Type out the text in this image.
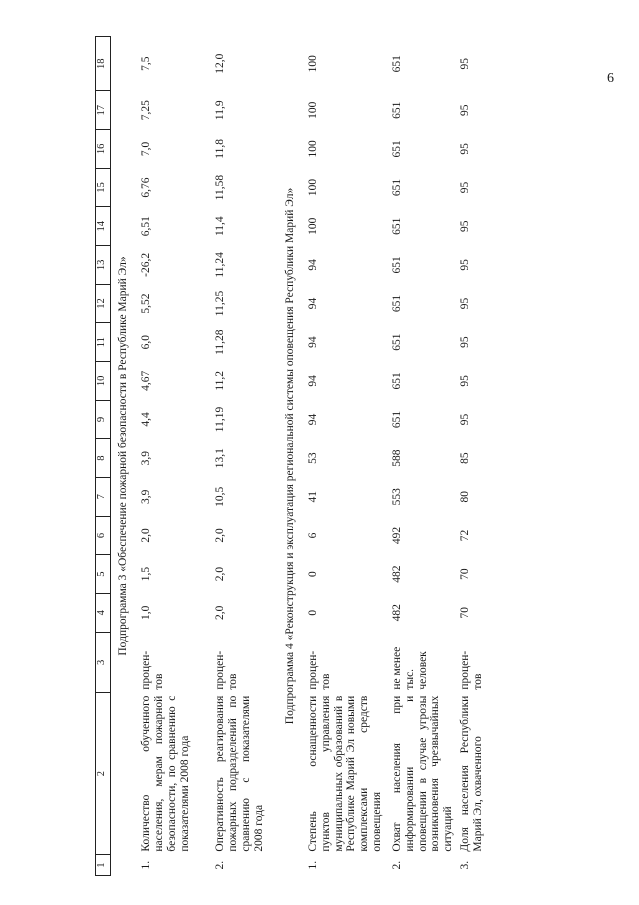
6
1	2	3	4	5	6	7	8	9	10	11	12	13	14	15	16	17	18
Подпрограмма 3 «Обеспечение пожарной безопасности в Республике Марий Эл»																	
1.	Количество обученного населения, мерам пожарной безопасности, по сравнению с показателями 2008 года	процен-тов	1,0	1,5	2,0	3,9	3,9	4,4	4,67	6,0	5,52	-26,2	6,51	6,76	7,0	7,25	7,5
2.	Оперативность реагирования пожарных подразделений по сравнению с показателями 2008 года	процен-тов	2,0	2,0	2,0	10,5	13,1	11,19	11,2	11,28	11,25	11,24	11,4	11,58	11,8	11,9	12,0
Подпрограмма 4 «Реконструкция и эксплуатация региональной системы оповещения Республики Марий Эл»																	
1.	Степень оснащенности пунктов управления муниципальных образований в Республике Марий Эл новыми комплексами средств оповещения	процен-тов	0	0	6	41	53	94	94	94	94	94	100	100	100	100	100
2.	Охват населения при информировании и оповещении в случае угрозы возникновения чрезвычайных ситуаций	не менее тыс. человек	482	482	492	553	588	651	651	651	651	651	651	651	651	651	651
3.	Доля населения Республики Марий Эл, охваченного	процен-тов	70	70	72	80	85	95	95	95	95	95	95	95	95	95	95
